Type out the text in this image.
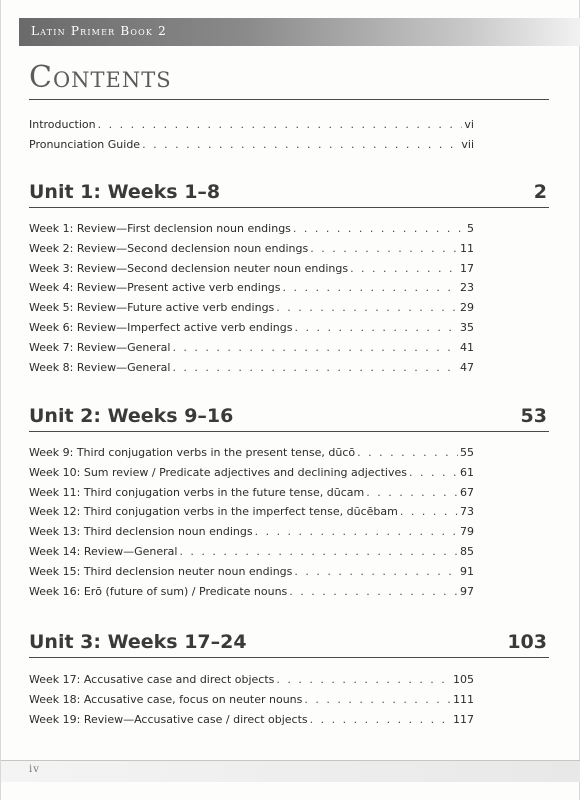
Latin Primer Book 2
Contents
Introduction . . .	vi
Pronunciation Guide . . .	vii
Unit 1: Weeks 1–8	2
Week 1: Review—First declension noun endings . . .	5
Week 2: Review—Second declension noun endings . . .	11
Week 3: Review—Second declension neuter noun endings . . .	17
Week 4: Review—Present active verb endings . . .	23
Week 5: Review—Future active verb endings . . .	29
Week 6: Review—Imperfect active verb endings . . .	35
Week 7: Review—General . . .	41
Week 8: Review—General . . .	47
Unit 2: Weeks 9–16	53
Week 9: Third conjugation verbs in the present tense, dūcō . . .	55
Week 10: Sum review / Predicate adjectives and declining adjectives . . .	61
Week 11: Third conjugation verbs in the future tense, dūcam . . .	67
Week 12: Third conjugation verbs in the imperfect tense, dūcēbam . . .	73
Week 13: Third declension noun endings . . .	79
Week 14: Review—General . . .	85
Week 15: Third declension neuter noun endings . . .	91
Week 16: Erō (future of sum) / Predicate nouns . . .	97
Unit 3: Weeks 17–24	103
Week 17: Accusative case and direct objects . . .	105
Week 18: Accusative case, focus on neuter nouns . . .	111
Week 19: Review—Accusative case / direct objects . . .	117
iv
